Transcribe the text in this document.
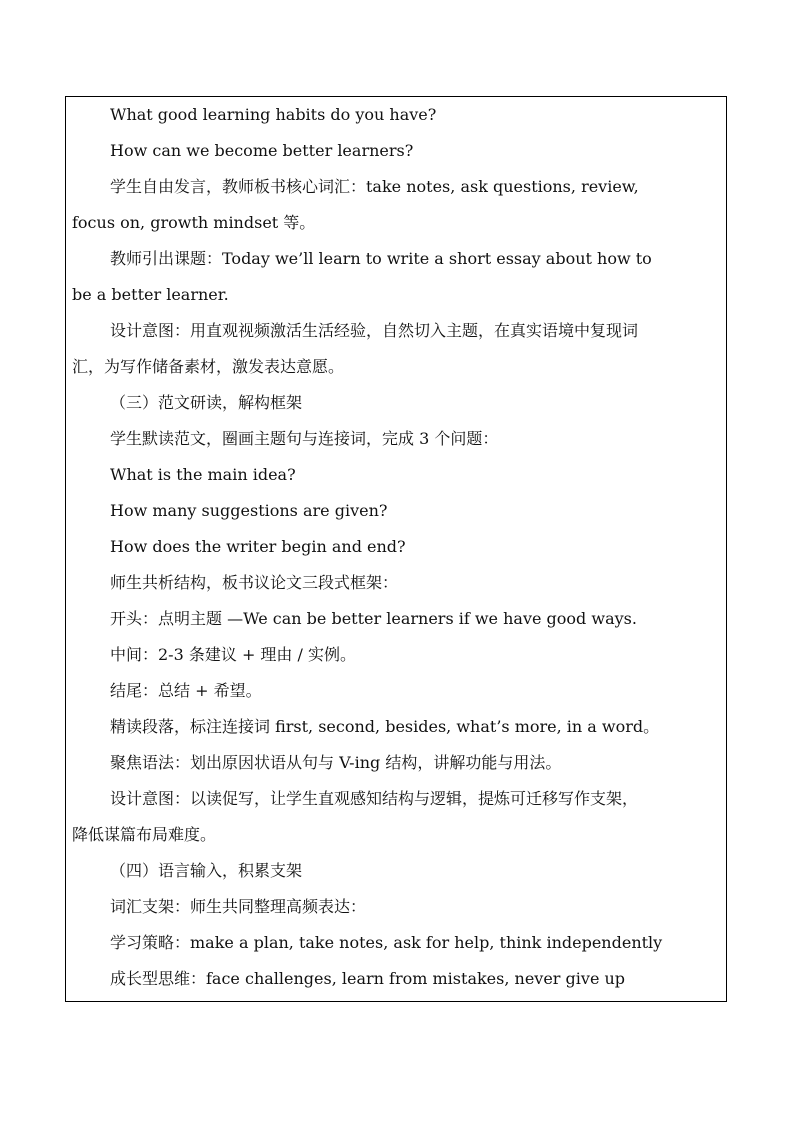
What good learning habits do you have?
How can we become better learners?
学生自由发言，教师板书核心词汇：take notes, ask questions, review,
focus on, growth mindset 等。
教师引出课题：Today we’ll learn to write a short essay about how to
be a better learner.
设计意图：用直观视频激活生活经验，自然切入主题，在真实语境中复现词
汇，为写作储备素材，激发表达意愿。
（三）范文研读，解构框架
学生默读范文，圈画主题句与连接词，完成 3 个问题：
What is the main idea?
How many suggestions are given?
How does the writer begin and end?
师生共析结构，板书议论文三段式框架：
开头：点明主题 —We can be better learners if we have good ways.
中间：2-3 条建议 + 理由 / 实例。
结尾：总结 + 希望。
精读段落，标注连接词 first, second, besides, what’s more, in a word。
聚焦语法：划出原因状语从句与 V-ing 结构，讲解功能与用法。
设计意图：以读促写，让学生直观感知结构与逻辑，提炼可迁移写作支架，
降低谋篇布局难度。
（四）语言输入，积累支架
词汇支架：师生共同整理高频表达：
学习策略：make a plan, take notes, ask for help, think independently
成长型思维：face challenges, learn from mistakes, never give up
